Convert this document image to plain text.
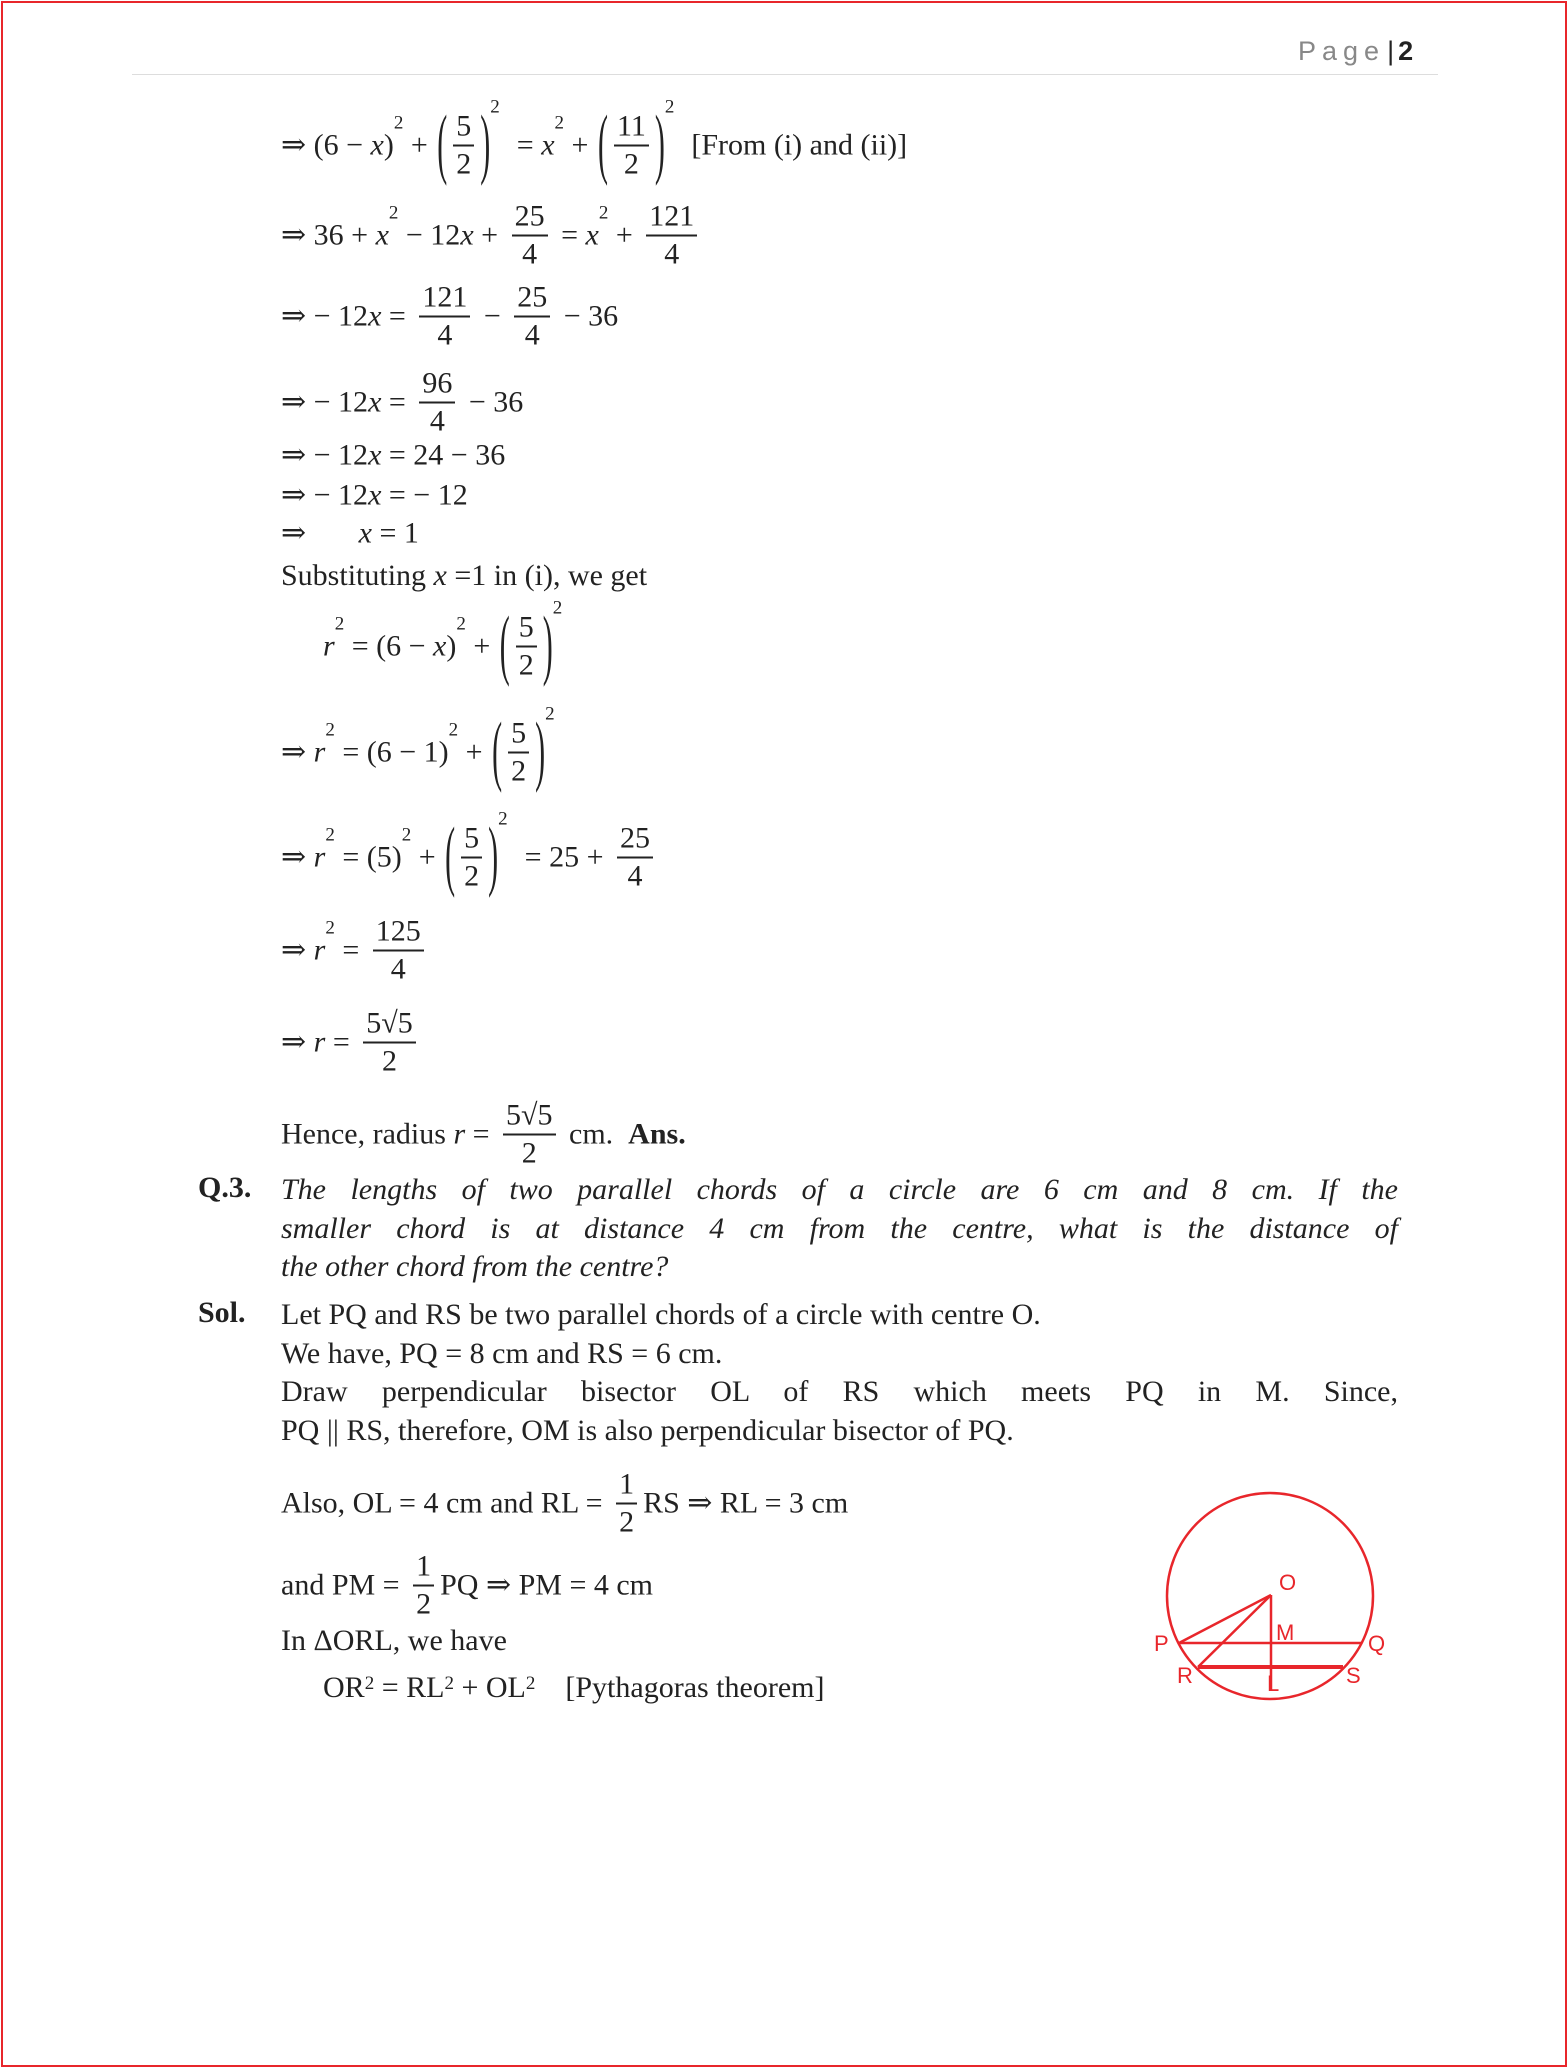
Page| 2
⇒ (6 − x )
2
+ ( $\frac{5}{2}$ ) 2
= x
2
+ ( $\frac{11}{2}$ ) 2
[From (i) and (ii)]
⇒ 36 + x
2
− 12 $x + \frac{25}{4} = x$
2
+ $\frac{121}{4}$
⇒ − 12 $x = \frac{121}{4} - \frac{25}{4} - 36$
⇒ − 12 $x = \frac{96}{4} - 36$
⇒ − 12 x = 24 − 36
⇒ − 12 x = − 12
⇒ x = 1
Substituting x =1 in (i), we get
r
2
= (6 − x )
2
+ ( $\frac{5}{2}$ ) 2
⇒ r
2
= (6 − 1)
2
+ ( $\frac{5}{2}$ ) 2
⇒ r
2
= (5)
2
+ ( $\frac{5}{2}$ ) 2
= $25 + \frac{25}{4}$
⇒ r
2
= $\frac{125}{4}$
⇒ $r = \frac{5√5}{2}$
Hence, radius $r = \frac{5√5}{2}$ cm. Ans.
Also, OL = 4 cm and RL = $\frac{1}{2}$ RS ⇒ RL = 3 cm
and PM = $\frac{1}{2}$ PQ ⇒ PM = 4 cm
In ΔORL, we have
OR 2 = RL 2 + OL 2 [Pythagoras theorem]
Q.3. The lengths of two parallel chords of a circle are 6 cm and 8 cm. If the
smaller chord is at distance 4 cm from the centre, what is the distance of
the other chord from the centre?
Sol. Let PQ and RS be two parallel chords of a circle with centre O.
We have, PQ = 8 cm and RS = 6 cm.
Draw perpendicular bisector OL of RS which meets PQ in M. Since,
PQ || RS, therefore, OM is also perpendicular bisector of PQ.
O
M
P	Q
R	S
L
